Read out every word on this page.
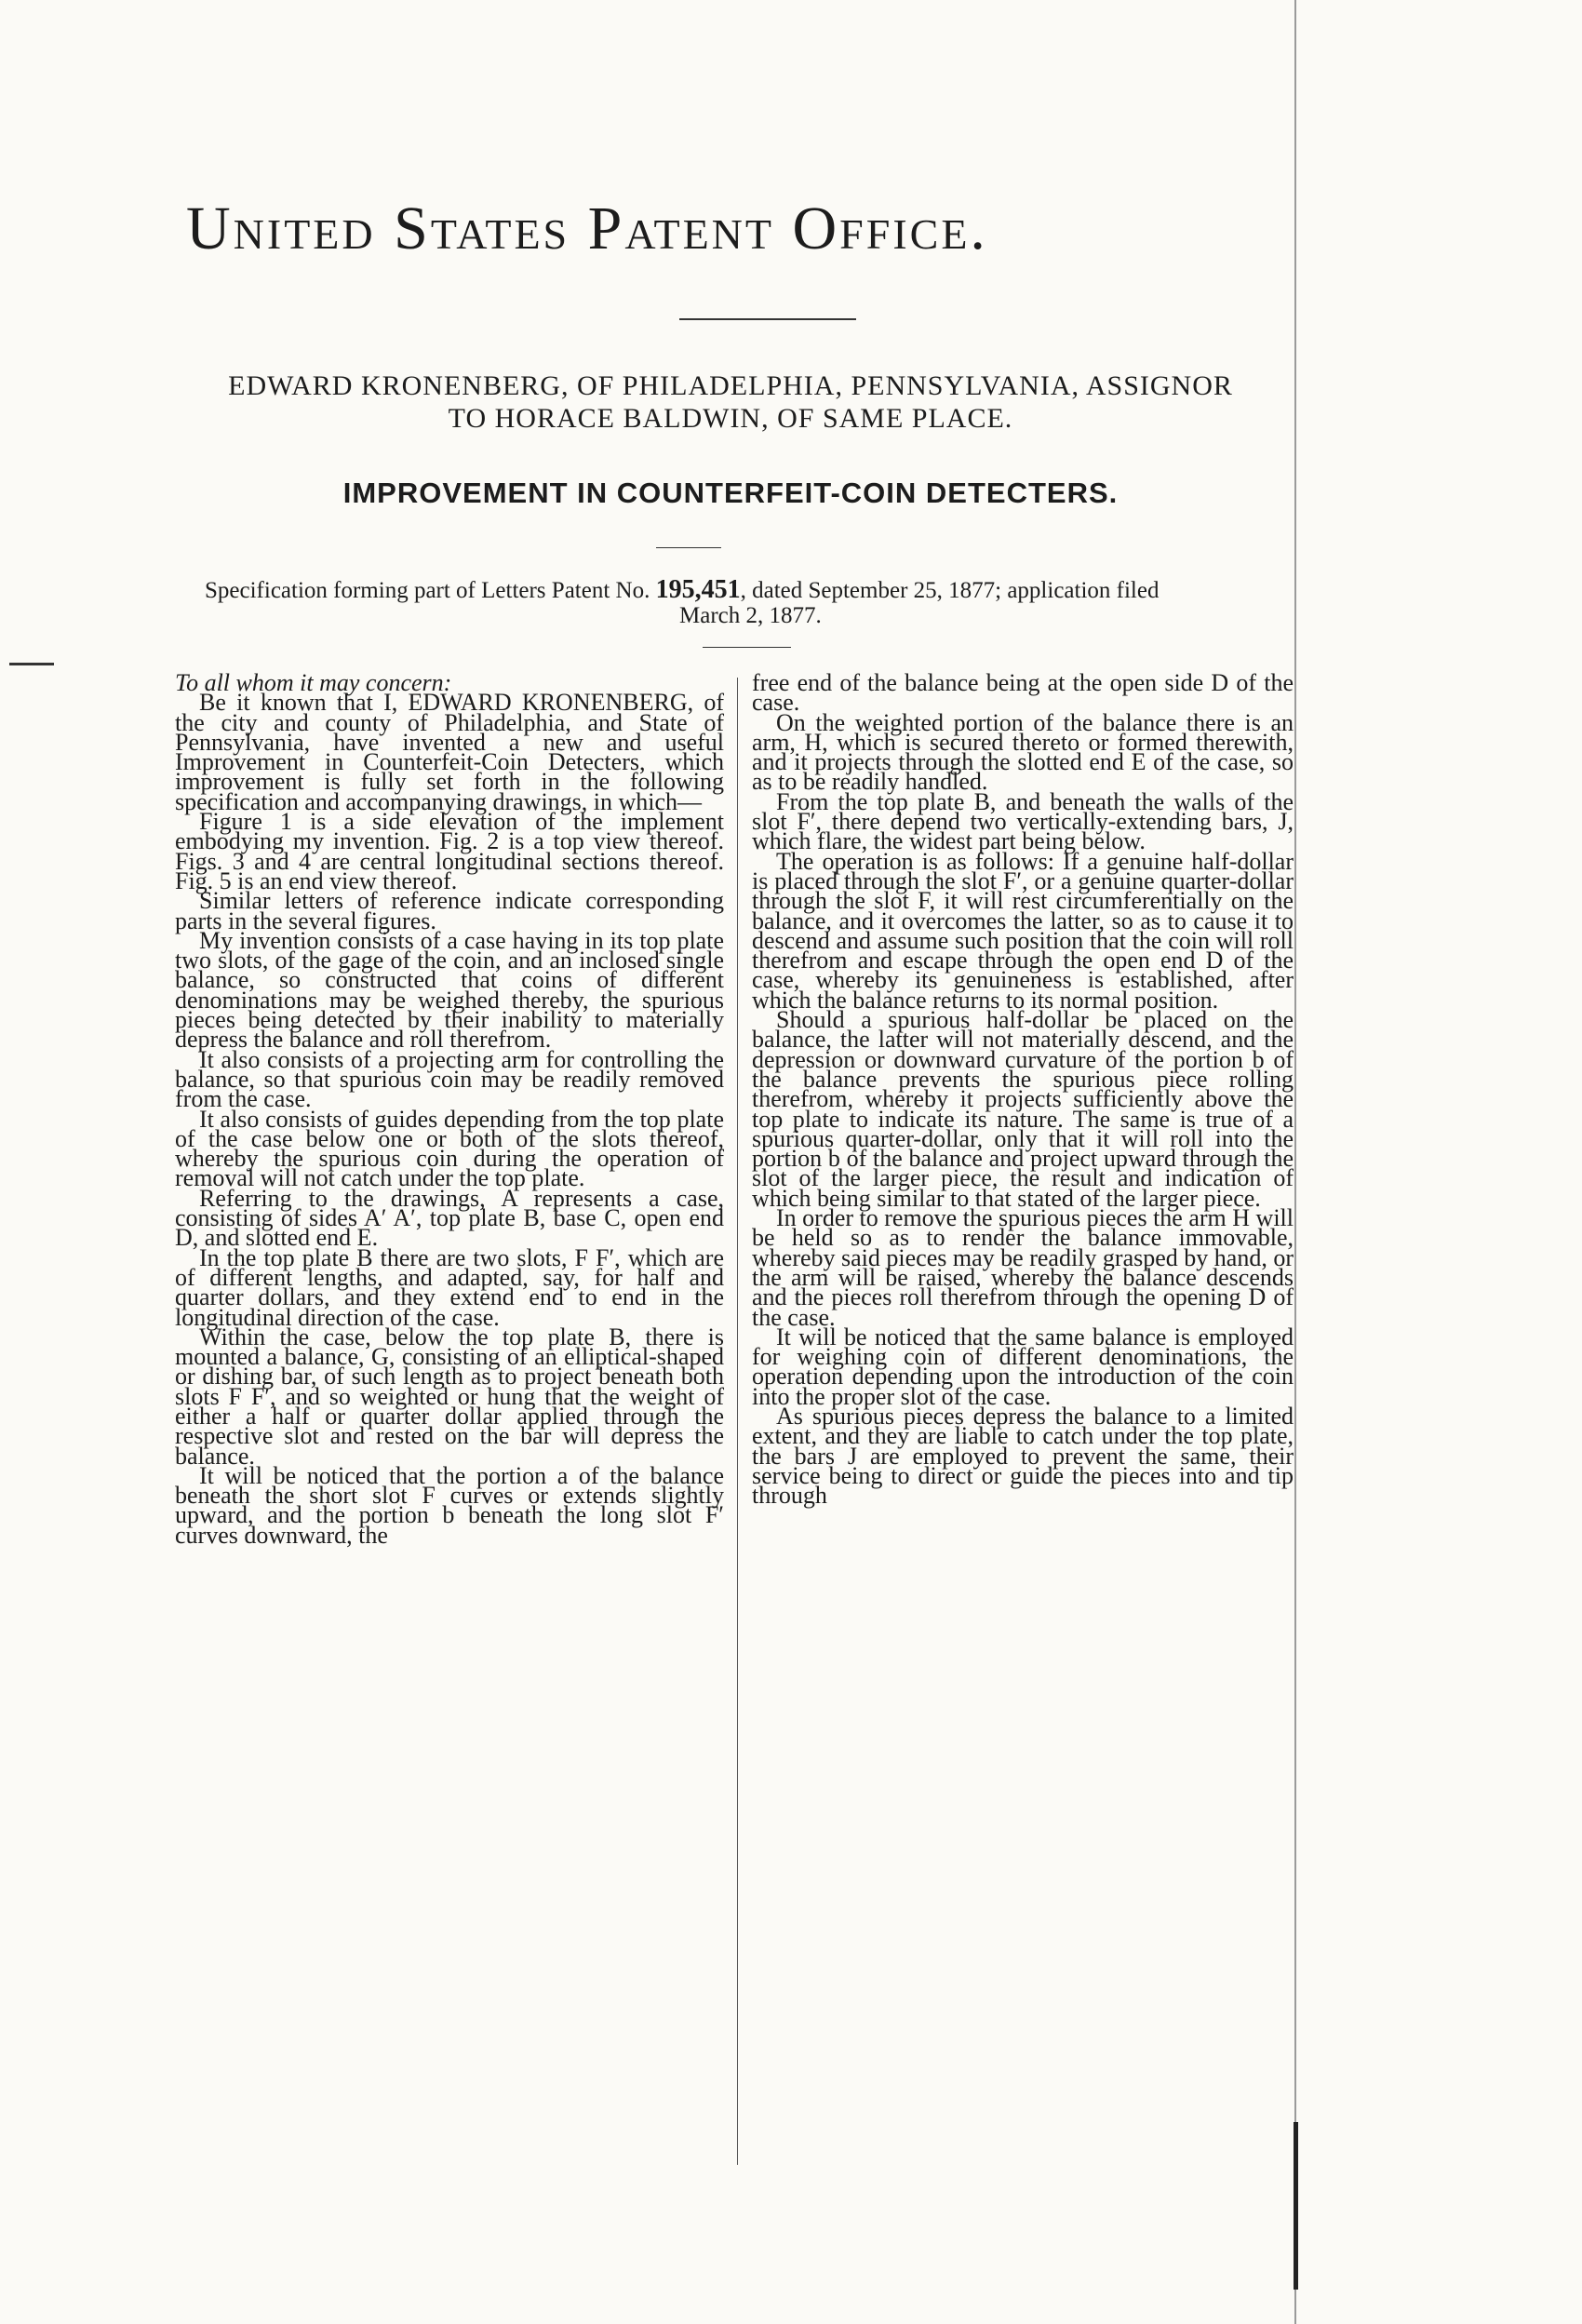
United States Patent Office.
EDWARD KRONENBERG, OF PHILADELPHIA, PENNSYLVANIA, ASSIGNOR
TO HORACE BALDWIN, OF SAME PLACE.
IMPROVEMENT IN COUNTERFEIT-COIN DETECTERS.
Specification forming part of Letters Patent No. 195,451, dated September 25, 1877; application filed
March 2, 1877.

To all whom it may concern:

Be it known that I, EDWARD KRONENBERG, of the city and county of Philadelphia, and State of Pennsylvania, have invented a new and useful Improvement in Counterfeit-Coin Detecters, which improvement is fully set forth in the following specification and accompanying drawings, in which—

Figure 1 is a side elevation of the implement embodying my invention. Fig. 2 is a top view thereof. Figs. 3 and 4 are central longitudinal sections thereof. Fig. 5 is an end view thereof.

Similar letters of reference indicate corresponding parts in the several figures.

My invention consists of a case having in its top plate two slots, of the gage of the coin, and an inclosed single balance, so constructed that coins of different denominations may be weighed thereby, the spurious pieces being detected by their inability to materially depress the balance and roll therefrom.

It also consists of a projecting arm for controlling the balance, so that spurious coin may be readily removed from the case.

It also consists of guides depending from the top plate of the case below one or both of the slots thereof, whereby the spurious coin during the operation of removal will not catch under the top plate.

Referring to the drawings, A represents a case, consisting of sides A′ A′, top plate B, base C, open end D, and slotted end E.

In the top plate B there are two slots, F F′, which are of different lengths, and adapted, say, for half and quarter dollars, and they extend end to end in the longitudinal direction of the case.

Within the case, below the top plate B, there is mounted a balance, G, consisting of an elliptical-shaped or dishing bar, of such length as to project beneath both slots F F′, and so weighted or hung that the weight of either a half or quarter dollar applied through the respective slot and rested on the bar will depress the balance.

It will be noticed that the portion a of the balance beneath the short slot F curves or extends slightly upward, and the portion b beneath the long slot F′ curves downward, the

free end of the balance being at the open side D of the case.

On the weighted portion of the balance there is an arm, H, which is secured thereto or formed therewith, and it projects through the slotted end E of the case, so as to be readily handled.

From the top plate B, and beneath the walls of the slot F′, there depend two vertically-extending bars, J, which flare, the widest part being below.

The operation is as follows: If a genuine half-dollar is placed through the slot F′, or a genuine quarter-dollar through the slot F, it will rest circumferentially on the balance, and it overcomes the latter, so as to cause it to descend and assume such position that the coin will roll therefrom and escape through the open end D of the case, whereby its genuineness is established, after which the balance returns to its normal position.

Should a spurious half-dollar be placed on the balance, the latter will not materially descend, and the depression or downward curvature of the portion b of the balance prevents the spurious piece rolling therefrom, whereby it projects sufficiently above the top plate to indicate its nature. The same is true of a spurious quarter-dollar, only that it will roll into the portion b of the balance and project upward through the slot of the larger piece, the result and indication of which being similar to that stated of the larger piece.

In order to remove the spurious pieces the arm H will be held so as to render the balance immovable, whereby said pieces may be readily grasped by hand, or the arm will be raised, whereby the balance descends and the pieces roll therefrom through the opening D of the case.

It will be noticed that the same balance is employed for weighing coin of different denominations, the operation depending upon the introduction of the coin into the proper slot of the case.

As spurious pieces depress the balance to a limited extent, and they are liable to catch under the top plate, the bars J are employed to prevent the same, their service being to direct or guide the pieces into and tip through
